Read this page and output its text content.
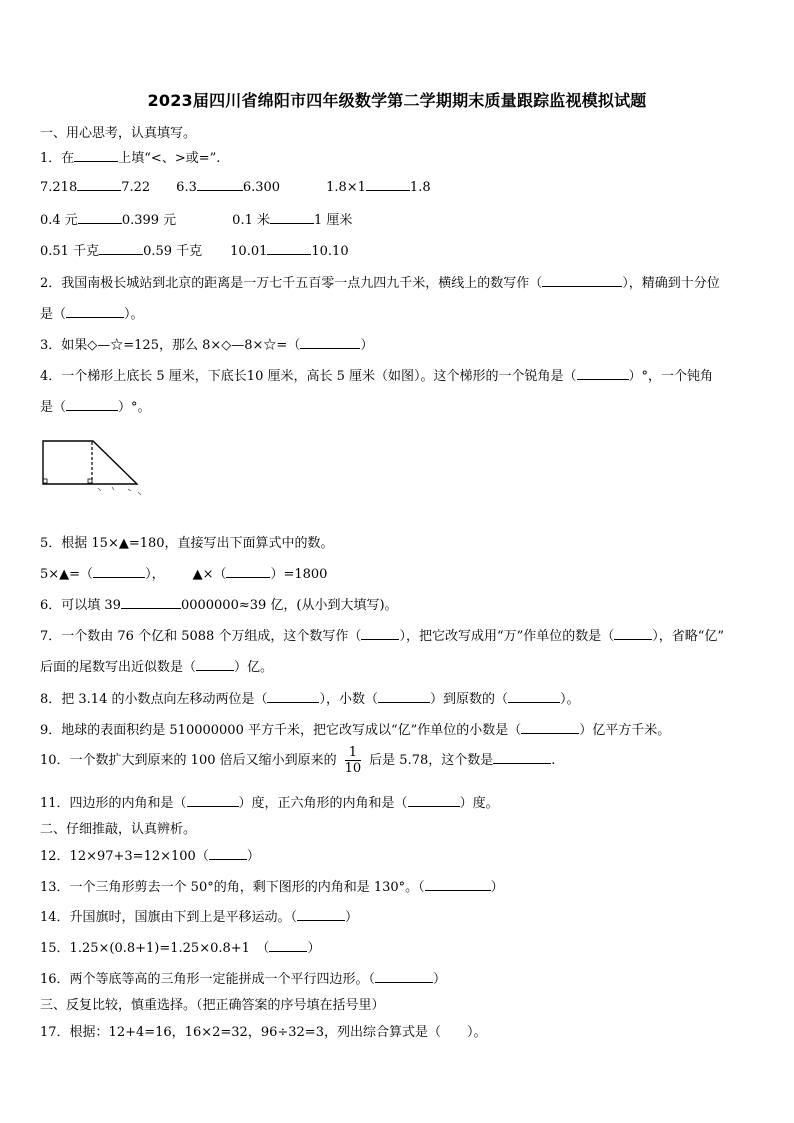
2023届四川省绵阳市四年级数学第二学期期末质量跟踪监视模拟试题
一、用心思考，认真填写。
1．在	上填“<、>或=”.
7.218	7.22 6.3	6.300	1.8×1	1.8
0.4 元	0.399 元	0.1 米	1 厘米
0.51 千克	0.59 千克 10.01	10.10
2．我国南极长城站到北京的距离是一万七千五百零一点九四九千米，横线上的数写作（	），精确到十分位
是（	）。
3．如果◇—☆=125，那么 8×◇—8×☆=（	）
4．一个梯形上底长 5 厘米，下底长10 厘米，高长 5 厘米（如图）。这个梯形的一个锐角是（	）°，一个钝角
是（	）°。
5．根据 15×▲=180，直接写出下面算式中的数。
5×▲=（	）， ▲×（	）=1800
6．可以填 39	0000000≈39 亿，(从小到大填写)。
7．一个数由 76 个亿和 5088 个万组成，这个数写作（	），把它改写成用“万”作单位的数是（	），省略“亿”
后面的尾数写出近似数是（	）亿。
8．把 3.14 的小数点向左移动两位是（	），小数（	）到原数的（	）。
9．地球的表面积约是 510000000 平方千米，把它改写成以“亿”作单位的小数是（	）亿平方千米。
10．一个数扩大到原来的 100 倍后又缩小到原来的 $\frac{1}{10}$ 后是 5.78，这个数是	.
11．四边形的内角和是（	）度，正六角形的内角和是（	）度。
二、仔细推敲，认真辨析。
12．12×97+3=12×100（	）
13．一个三角形剪去一个 50°的角，剩下图形的内角和是 130°。（	）
14．升国旗时，国旗由下到上是平移运动。（	）
15．1.25×(0.8+1)=1.25×0.8+1　（	）
16．两个等底等高的三角形一定能拼成一个平行四边形。（	）
三、反复比较，慎重选择。（把正确答案的序号填在括号里）
17．根据：12+4=16，16×2=32，96÷32=3，列出综合算式是（　　）。
